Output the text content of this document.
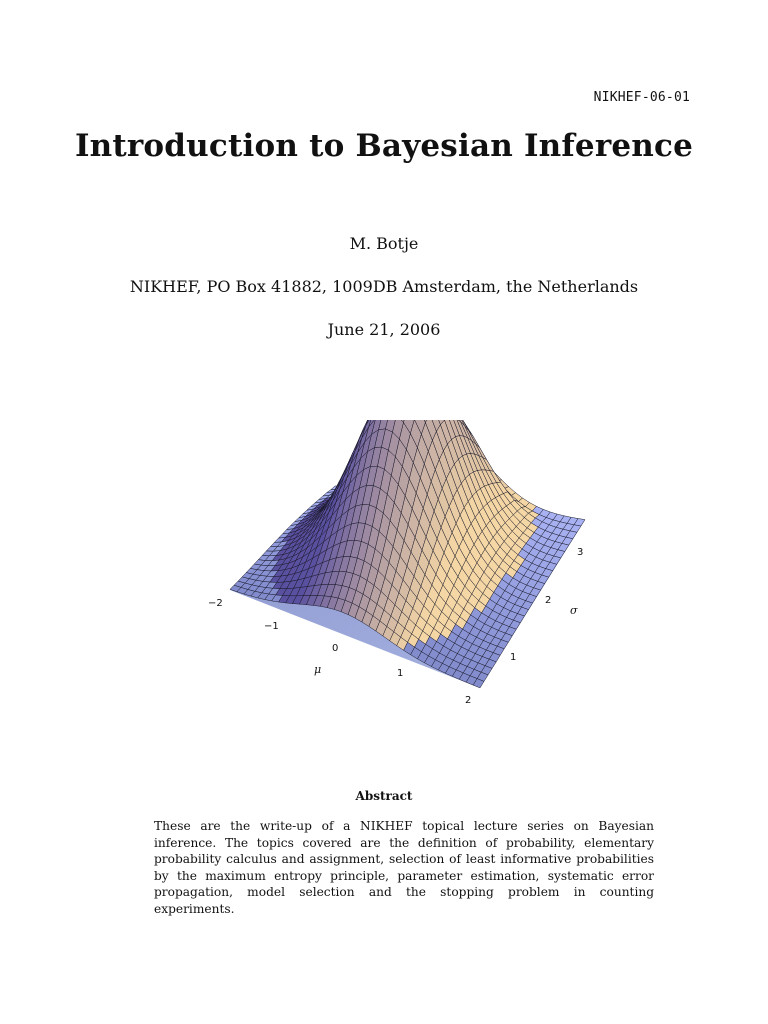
NIKHEF-06-01
Introduction to Bayesian Inference
M. Botje
NIKHEF, PO Box 41882, 1009DB Amsterdam, the Netherlands
June 21, 2006
−2
−1
0
1
2
μ
1
2
3
σ
Abstract

These are the write-up of a NIKHEF topical lecture series on Bayesian inference. The topics covered are the definition of probability, elementary probability calculus and assignment, selection of least informative probabilities by the maximum entropy principle, parameter estimation, systematic error propagation, model selection and the stopping problem in counting experiments.
